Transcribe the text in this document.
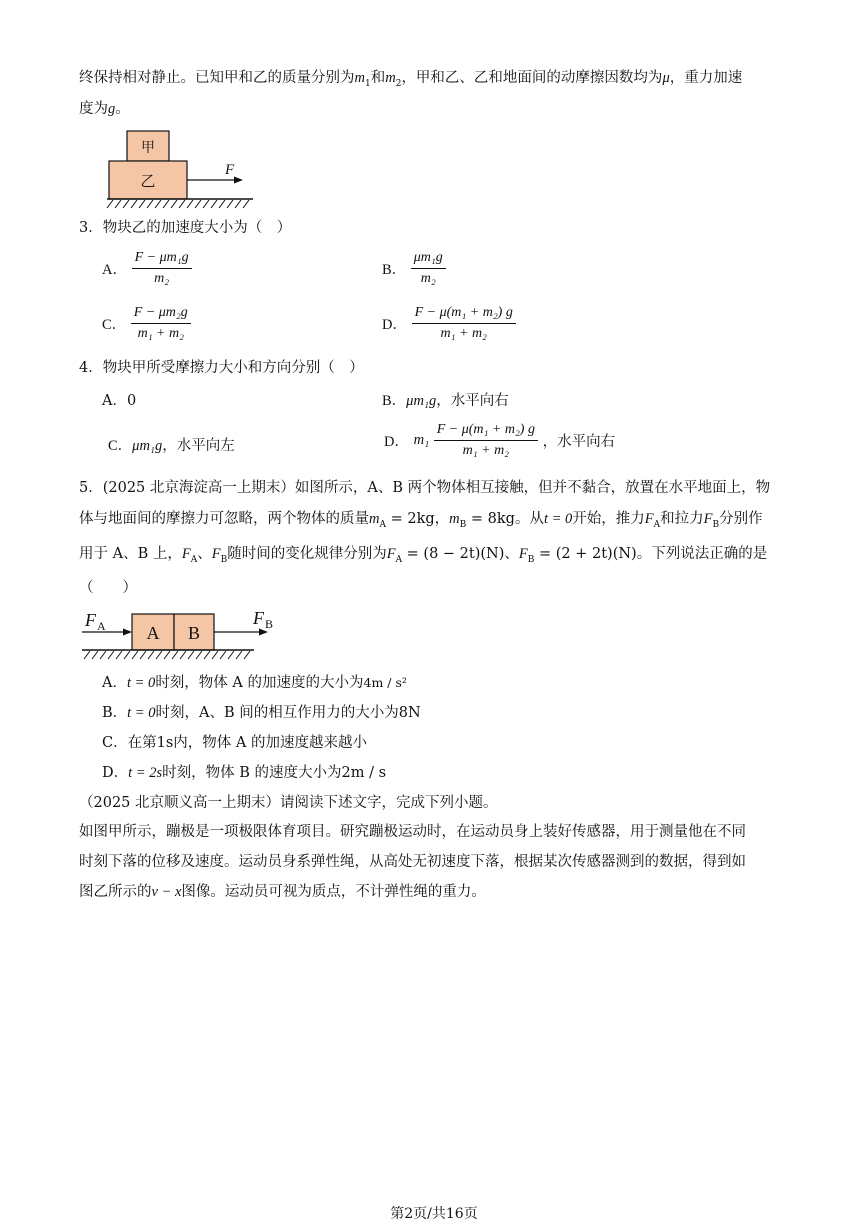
终保持相对静止。已知甲和乙的质量分别为$m_1$和$m_2$，甲和乙、乙和地面间的动摩擦因数均为μ，重力加速
度为g。
甲
乙
F
3．物块乙的加速度大小为（　）
A． $\frac{\text{F − μm₁g}}{\text{m₂}}$	B． $\frac{\text{μm₁g}}{\text{m₂}}$
C． $\frac{\text{F − μm₂g}}{\text{m₁ + m₂}}$	D． $\frac{\text{F − μ(m₁ + m₂) g}}{\text{m₁ + m₂}}$
4．物块甲所受摩擦力大小和方向分别（　）
A．0	B．μm₁g，水平向右
C．μm₁g，水平向左	D． $m_1 \frac{\text{F − μ(m₁ + m₂) g}}{\text{m₁ + m₂}}$ ，水平向右
5．(2025 北京海淀高一上期末）如图所示，A、B 两个物体相互接触，但并不黏合，放置在水平地面上，物
体与地面间的摩擦力可忽略，两个物体的质量$m_A = 2kg$，$m_B = 8kg$。从t = 0开始，推力$F_A$和拉力$F_B$分别作
用于 A、B 上，$F_A$、$F_B$随时间的变化规律分别为$F_A = (8 - 2t)(N)$、$F_B = (2 + 2t)(N)$。下列说法正确的是
（　　）
F A A B
F B
A．t = 0时刻，物体 A 的加速度的大小为4m / s²
B．t = 0时刻，A、B 间的相互作用力的大小为8N
C．在第1s内，物体 A 的加速度越来越小
D．t = 2s时刻，物体 B 的速度大小为2m / s
（2025 北京顺义高一上期末）请阅读下述文字，完成下列小题。
如图甲所示，蹦极是一项极限体育项目。研究蹦极运动时，在运动员身上装好传感器，用于测量他在不同
时刻下落的位移及速度。运动员身系弹性绳，从高处无初速度下落，根据某次传感器测到的数据，得到如
图乙所示的v − x图像。运动员可视为质点，不计弹性绳的重力。
第2页/共16页
